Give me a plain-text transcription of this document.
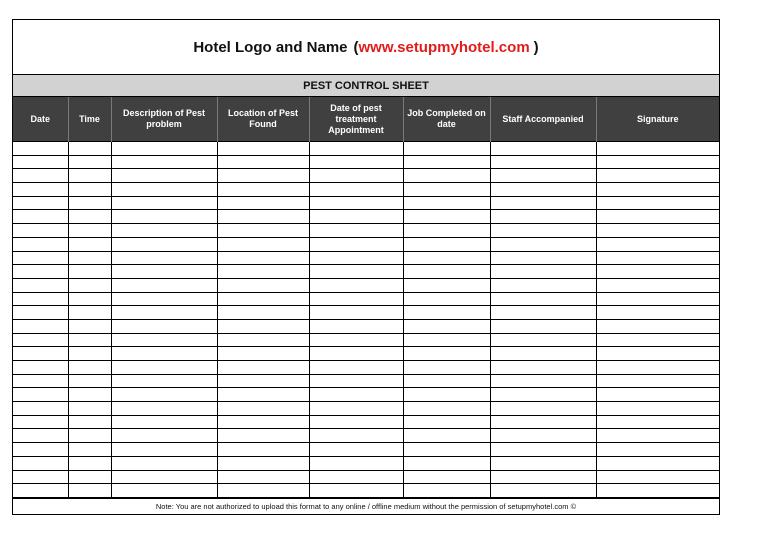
Hotel Logo and Name ( www.setupmyhotel.com )
PEST CONTROL SHEET
Date	Time	Description of Pest problem	Location of Pest Found	Date of pest treatment Appointment	Job Completed on date	Staff Accompanied	Signature

Note: You are not authorized to upload this format to any online / offline medium without the permission of setupmyhotel.com ©
